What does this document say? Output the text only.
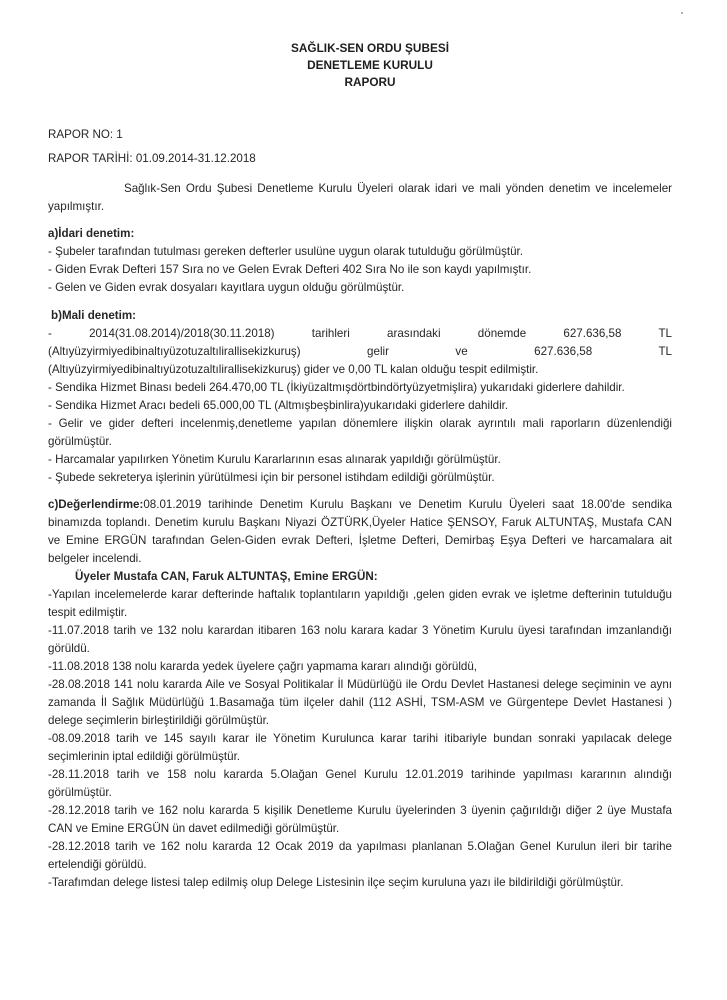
SAĞLIK-SEN ORDU ŞUBESİ
DENETLEME KURULU
RAPORU

RAPOR NO: 1

RAPOR TARİHİ: 01.09.2014-31.12.2018

Sağlık-Sen Ordu Şubesi Denetleme Kurulu Üyeleri olarak idari ve mali yönden denetim ve incelemeler yapılmıştır.

a)İdari denetim:

- Şubeler tarafından tutulması gereken defterler usulüne uygun olarak tutulduğu görülmüştür.

- Giden Evrak Defteri 157 Sıra no ve Gelen Evrak Defteri 402 Sıra No ile son kaydı yapılmıştır.

- Gelen ve Giden evrak dosyaları kayıtlara uygun olduğu görülmüştür.

b)Mali denetim:

- 2014(31.08.2014)/2018(30.11.2018) tarihleri arasındaki dönemde 627.636,58 TL

(Altıyüzyirmiyedibinaltıyüzotuzaltılirallisekizkuruş) gelir ve 627.636,58 TL

(Altıyüzyirmiyedibinaltıyüzotuzaltılirallisekizkuruş) gider ve 0,00 TL kalan olduğu tespit edilmiştir.

- Sendika Hizmet Binası bedeli 264.470,00 TL (İkiyüzaltmışdörtbindörtyüzyetmişlira) yukarıdaki giderlere dahildir.

- Sendika Hizmet Aracı bedeli 65.000,00 TL (Altmışbeşbinlira)yukarıdaki giderlere dahildir.

- Gelir ve gider defteri incelenmiş,denetleme yapılan dönemlere ilişkin olarak ayrıntılı mali raporların düzenlendiği görülmüştür.

- Harcamalar yapılırken Yönetim Kurulu Kararlarının esas alınarak yapıldığı görülmüştür.

- Şubede sekreterya işlerinin yürütülmesi için bir personel istihdam edildiği görülmüştür.

c)Değerlendirme:08.01.2019 tarihinde Denetim Kurulu Başkanı ve Denetim Kurulu Üyeleri saat 18.00'de sendika binamızda toplandı. Denetim kurulu Başkanı Niyazi ÖZTÜRK,Üyeler Hatice ŞENSOY, Faruk ALTUNTAŞ, Mustafa CAN ve Emine ERGÜN tarafından Gelen-Giden evrak Defteri, İşletme Defteri, Demirbaş Eşya Defteri ve harcamalara ait belgeler incelendi.

Üyeler Mustafa CAN, Faruk ALTUNTAŞ, Emine ERGÜN:

-Yapılan incelemelerde karar defterinde haftalık toplantıların yapıldığı ,gelen giden evrak ve işletme defterinin tutulduğu tespit edilmiştir.

-11.07.2018 tarih ve 132 nolu karardan itibaren 163 nolu karara kadar 3 Yönetim Kurulu üyesi tarafından imzanlandığı görüldü.

-11.08.2018 138 nolu kararda yedek üyelere çağrı yapmama kararı alındığı görüldü,

-28.08.2018 141 nolu kararda Aile ve Sosyal Politikalar İl Müdürlüğü ile Ordu Devlet Hastanesi delege seçiminin ve aynı zamanda İl Sağlık Müdürlüğü 1.Basamağa tüm ilçeler dahil (112 ASHİ, TSM-ASM ve Gürgentepe Devlet Hastanesi ) delege seçimlerin birleştirildiği görülmüştür.

-08.09.2018 tarih ve 145 sayılı karar ile Yönetim Kurulunca karar tarihi itibariyle bundan sonraki yapılacak delege seçimlerinin iptal edildiği görülmüştür.

-28.11.2018 tarih ve 158 nolu kararda 5.Olağan Genel Kurulu 12.01.2019 tarihinde yapılması kararının alındığı görülmüştür.

-28.12.2018 tarih ve 162 nolu kararda 5 kişilik Denetleme Kurulu üyelerinden 3 üyenin çağırıldığı diğer 2 üye Mustafa CAN ve Emine ERGÜN ün davet edilmediği görülmüştür.

-28.12.2018 tarih ve 162 nolu kararda 12 Ocak 2019 da yapılması planlanan 5.Olağan Genel Kurulun ileri bir tarihe ertelendiği görüldü.

-Tarafımdan delege listesi talep edilmiş olup Delege Listesinin ilçe seçim kuruluna yazı ile bildirildiği görülmüştür.
